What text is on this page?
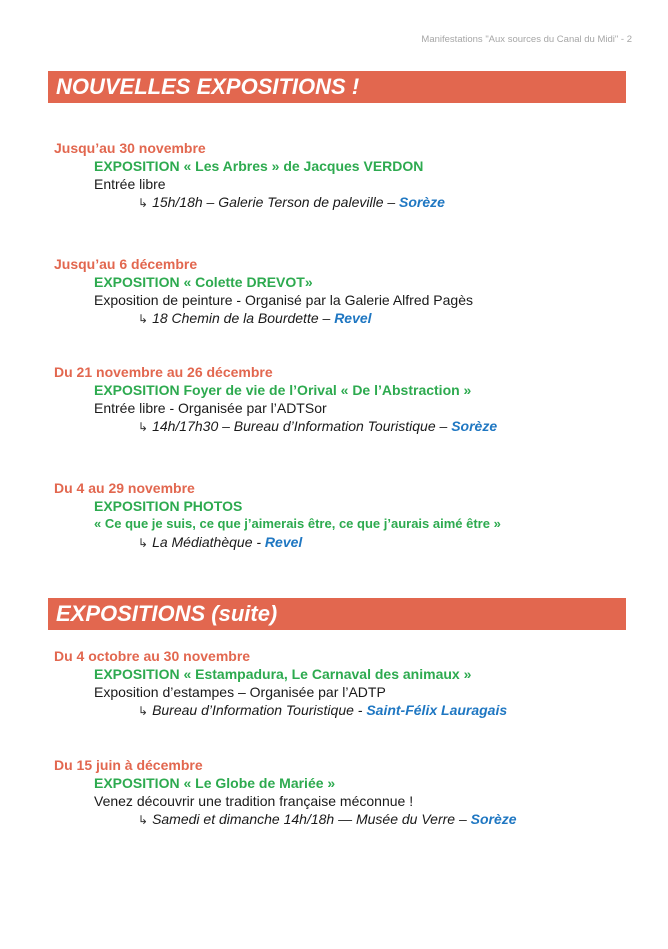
Manifestations "Aux sources du Canal du Midi" - 2
NOUVELLES EXPOSITIONS !
Jusqu’au 30 novembre
EXPOSITION « Les Arbres » de Jacques VERDON
Entrée libre
↳ 15h/18h – Galerie Terson de paleville – Sorèze
Jusqu’au 6 décembre
EXPOSITION « Colette DREVOT»
Exposition de peinture - Organisé par la Galerie Alfred Pagès
↳ 18 Chemin de la Bourdette – Revel
Du 21 novembre au 26 décembre
EXPOSITION Foyer de vie de l’Orival « De l’Abstraction »
Entrée libre - Organisée par l’ADTSor
↳ 14h/17h30 – Bureau d’Information Touristique – Sorèze
Du 4 au 29 novembre
EXPOSITION PHOTOS
« Ce que je suis, ce que j’aimerais être, ce que j’aurais aimé être »
↳ La Médiathèque - Revel
EXPOSITIONS (suite)
Du 4 octobre au 30 novembre
EXPOSITION « Estampadura, Le Carnaval des animaux »
Exposition d’estampes – Organisée par l’ADTP
↳ Bureau d’Information Touristique - Saint-Félix Lauragais
Du 15 juin à décembre
EXPOSITION « Le Globe de Mariée »
Venez découvrir une tradition française méconnue !
↳ Samedi et dimanche 14h/18h — Musée du Verre – Sorèze
